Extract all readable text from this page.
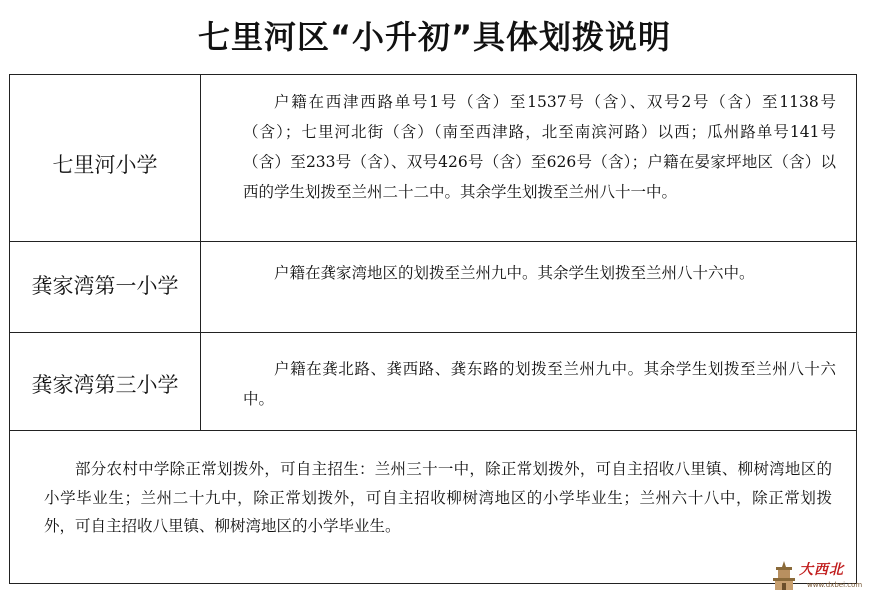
七里河区“小升初”具体划拨说明
七里河小学

户籍在西津西路单号1号（含）至1537号（含）、双号2号（含）至1138号（含）；七里河北街（含）（南至西津路，北至南滨河路）以西；瓜州路单号141号（含）至233号（含）、双号426号（含）至626号（含）；户籍在晏家坪地区（含）以西的学生划拨至兰州二十二中。其余学生划拨至兰州八十一中。

龚家湾第一小学

户籍在龚家湾地区的划拨至兰州九中。其余学生划拨至兰州八十六中。

龚家湾第三小学

户籍在龚北路、龚西路、龚东路的划拨至兰州九中。其余学生划拨至兰州八十六中。

部分农村中学除正常划拨外，可自主招生：兰州三十一中，除正常划拨外，可自主招收八里镇、柳树湾地区的小学毕业生；兰州二十九中，除正常划拨外，可自主招收柳树湾地区的小学毕业生；兰州六十八中，除正常划拨外，可自主招收八里镇、柳树湾地区的小学毕业生。

大西北
www.dxbei.com
